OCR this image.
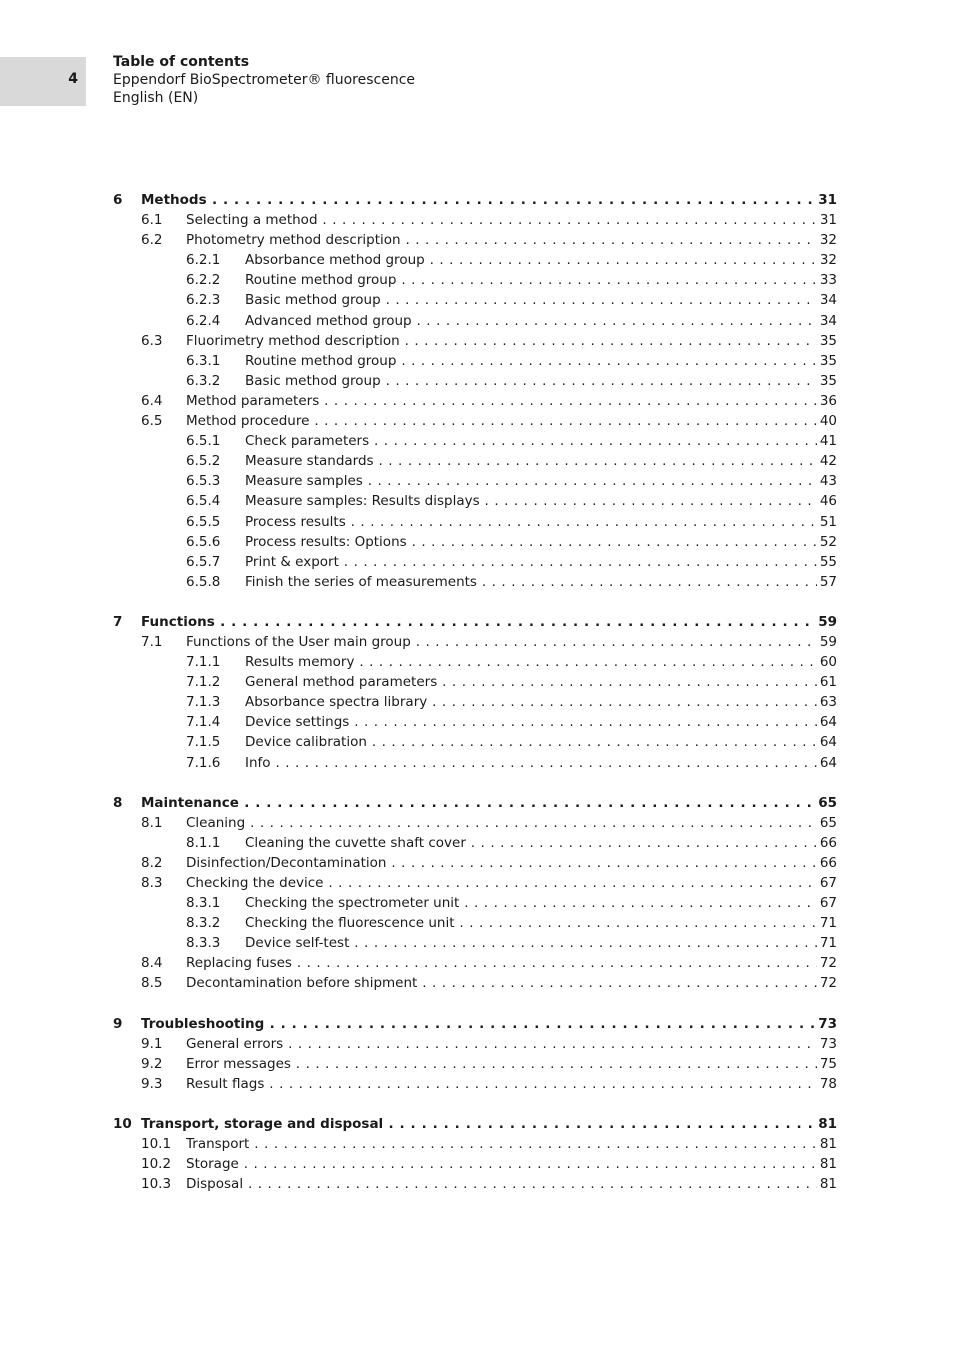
4
Table of contents
Eppendorf BioSpectrometer® fluorescence
English (EN)
6 Methods . . .	31
6.1 Selecting a method . . .	31
6.2 Photometry method description . . .	32
6.2.1 Absorbance method group . . .	32
6.2.2 Routine method group . . .	33
6.2.3 Basic method group . . .	34
6.2.4 Advanced method group . . .	34
6.3 Fluorimetry method description . . .	35
6.3.1 Routine method group . . .	35
6.3.2 Basic method group . . .	35
6.4 Method parameters . . .	36
6.5 Method procedure . . .	40
6.5.1 Check parameters . . .	41
6.5.2 Measure standards . . .	42
6.5.3 Measure samples . . .	43
6.5.4 Measure samples: Results displays . . .	46
6.5.5 Process results . . .	51
6.5.6 Process results: Options . . .	52
6.5.7 Print & export . . .	55
6.5.8 Finish the series of measurements . . .	57
7 Functions . . .	59
7.1 Functions of the User main group . . .	59
7.1.1 Results memory . . .	60
7.1.2 General method parameters . . .	61
7.1.3 Absorbance spectra library . . .	63
7.1.4 Device settings . . .	64
7.1.5 Device calibration . . .	64
7.1.6 Info . . .	64
8 Maintenance . . .	65
8.1 Cleaning . . .	65
8.1.1 Cleaning the cuvette shaft cover . . .	66
8.2 Disinfection/Decontamination . . .	66
8.3 Checking the device . . .	67
8.3.1 Checking the spectrometer unit . . .	67
8.3.2 Checking the fluorescence unit . . .	71
8.3.3 Device self-test . . .	71
8.4 Replacing fuses . . .	72
8.5 Decontamination before shipment . . .	72
9 Troubleshooting . . .	73
9.1 General errors . . .	73
9.2 Error messages . . .	75
9.3 Result flags . . .	78
10 Transport, storage and disposal . . .	81
10.1 Transport . . .	81
10.2 Storage . . .	81
10.3 Disposal . . .	81
